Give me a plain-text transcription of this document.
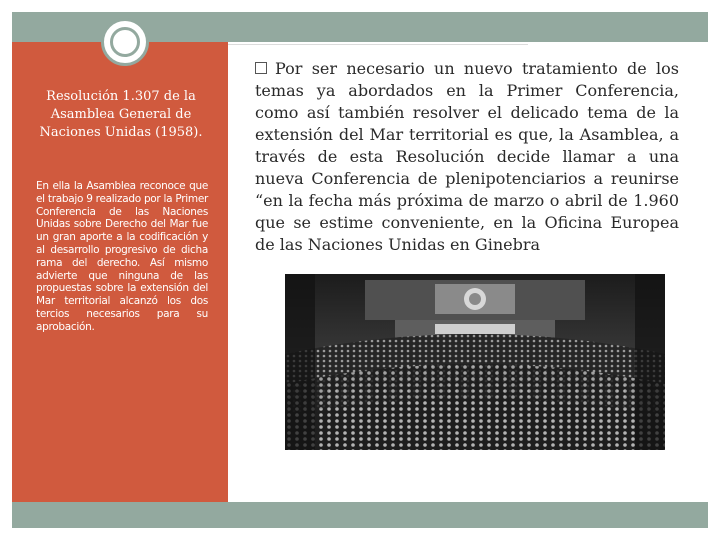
Resolución 1.307 de la Asamblea General de Naciones Unidas (1958).
En ella la Asamblea reconoce que el trabajo 9 realizado por la Primer Conferencia de las Naciones Unidas sobre Derecho del Mar fue un gran aporte a la codificación y al desarrollo progresivo de dicha rama del derecho. Así mismo advierte que ninguna de las propuestas sobre la extensión del Mar territorial alcanzó los dos tercios necesarios para su aprobación.
Por ser necesario un nuevo tratamiento de los temas ya abordados en la Primer Conferencia, como así también resolver el delicado tema de la extensión del Mar territorial es que, la Asamblea, a través de esta Resolución decide llamar a una nueva Conferencia de plenipotenciarios a reunirse “en la fecha más próxima de marzo o abril de 1.960 que se estime conveniente, en la Oficina Europea de las Naciones Unidas en Ginebra
